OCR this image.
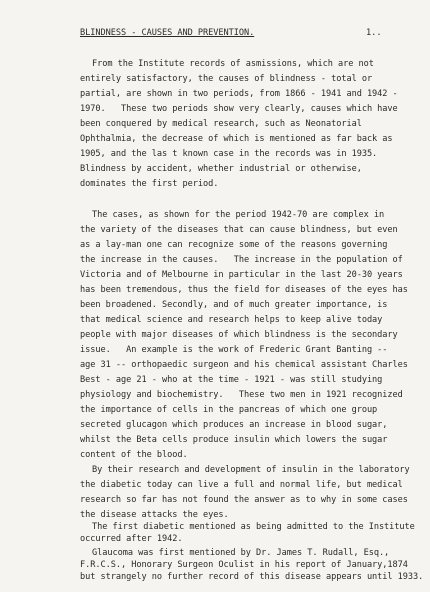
BLINDNESS - CAUSES AND PREVENTION.	1..
From the Institute records of asmissions, which are not
entirely satisfactory, the causes of blindness - total or
partial, are shown in two periods, from 1866 - 1941 and 1942 -
1970.   These two periods show very clearly, causes which have
been conquered by medical research, such as Neonatorial
Ophthalmia, the decrease of which is mentioned as far back as
1905, and the las t known case in the records was in 1935.
Blindness by accident, whether industrial or otherwise,
dominates the first period.
The cases, as shown for the period 1942-70 are complex in
the variety of the diseases that can cause blindness, but even
as a lay-man one can recognize some of the reasons governing
the increase in the causes.   The increase in the population of
Victoria and of Melbourne in particular in the last 20-30 years
has been tremendous, thus the field for diseases of the eyes has
been broadened. Secondly, and of much greater importance, is
that medical science and research helps to keep alive today
people with major diseases of which blindness is the secondary
issue.   An example is the work of Frederic Grant Banting --
age 31 -- orthopaedic surgeon and his chemical assistant Charles
Best - age 21 - who at the time - 1921 - was still studying
physiology and biochemistry.   These two men in 1921 recognized
the importance of cells in the pancreas of which one group
secreted glucagon which produces an increase in blood sugar,
whilst the Beta cells produce insulin which lowers the sugar
content of the blood.
By their research and development of insulin in the laboratory
the diabetic today can live a full and normal life, but medical
research so far has not found the answer as to why in some cases
the disease attacks the eyes.
The first diabetic mentioned as being admitted to the Institute
occurred after 1942.
Glaucoma was first mentioned by Dr. James T. Rudall, Esq.,
F.R.C.S., Honorary Surgeon Oculist in his report of January,1874
but strangely no further record of this disease appears until 1933.
